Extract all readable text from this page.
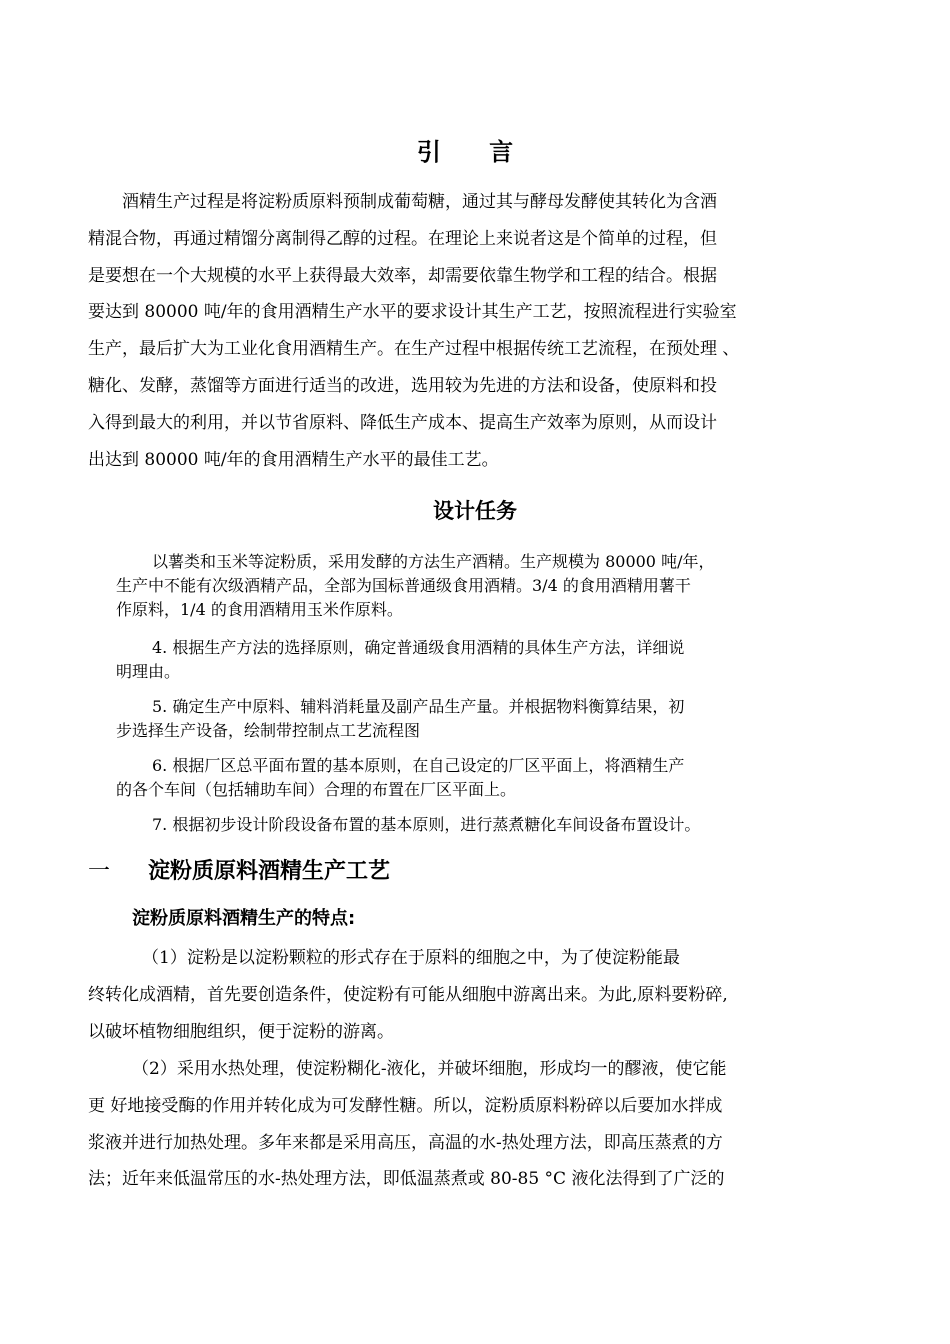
引 言
酒精生产过程是将淀粉质原料预制成葡萄糖，通过其与酵母发酵使其转化为含酒
精混合物，再通过精馏分离制得乙醇的过程。在理论上来说者这是个简单的过程，但
是要想在一个大规模的水平上获得最大效率，却需要依靠生物学和工程的结合。根据
要达到 80000 吨/年的食用酒精生产水平的要求设计其生产工艺，按照流程进行实验室
生产，最后扩大为工业化食用酒精生产。在生产过程中根据传统工艺流程，在预处理 、
糖化、发酵，蒸馏等方面进行适当的改进，选用较为先进的方法和设备，使原料和投
入得到最大的利用，并以节省原料、降低生产成本、提高生产效率为原则，从而设计
出达到 80000 吨/年的食用酒精生产水平的最佳工艺。
设计任务
以薯类和玉米等淀粉质，采用发酵的方法生产酒精。生产规模为 80000 吨/年，
生产中不能有次级酒精产品，全部为国标普通级食用酒精。3/4 的食用酒精用薯干
作原料，1/4 的食用酒精用玉米作原料。
4. 根据生产方法的选择原则，确定普通级食用酒精的具体生产方法，详细说
明理由。
5. 确定生产中原料、辅料消耗量及副产品生产量。并根据物料衡算结果，初
步选择生产设备，绘制带控制点工艺流程图
6. 根据厂区总平面布置的基本原则，在自己设定的厂区平面上，将酒精生产
的各个车间（包括辅助车间）合理的布置在厂区平面上。
7. 根据初步设计阶段设备布置的基本原则，进行蒸煮糖化车间设备布置设计。
一 淀粉质原料酒精生产工艺
淀粉质原料酒精生产的特点:
（1）淀粉是以淀粉颗粒的形式存在于原料的细胞之中，为了使淀粉能最
终转化成酒精，首先要创造条件，使淀粉有可能从细胞中游离出来。为此,原料要粉碎,
以破坏植物细胞组织，便于淀粉的游离。
（2）采用水热处理，使淀粉糊化-液化，并破坏细胞，形成均一的醪液，使它能
更 好地接受酶的作用并转化成为可发酵性糖。所以，淀粉质原料粉碎以后要加水拌成
浆液并进行加热处理。多年来都是采用高压，高温的水-热处理方法，即高压蒸煮的方
法；近年来低温常压的水-热处理方法，即低温蒸煮或 80-85 °C 液化法得到了广泛的
